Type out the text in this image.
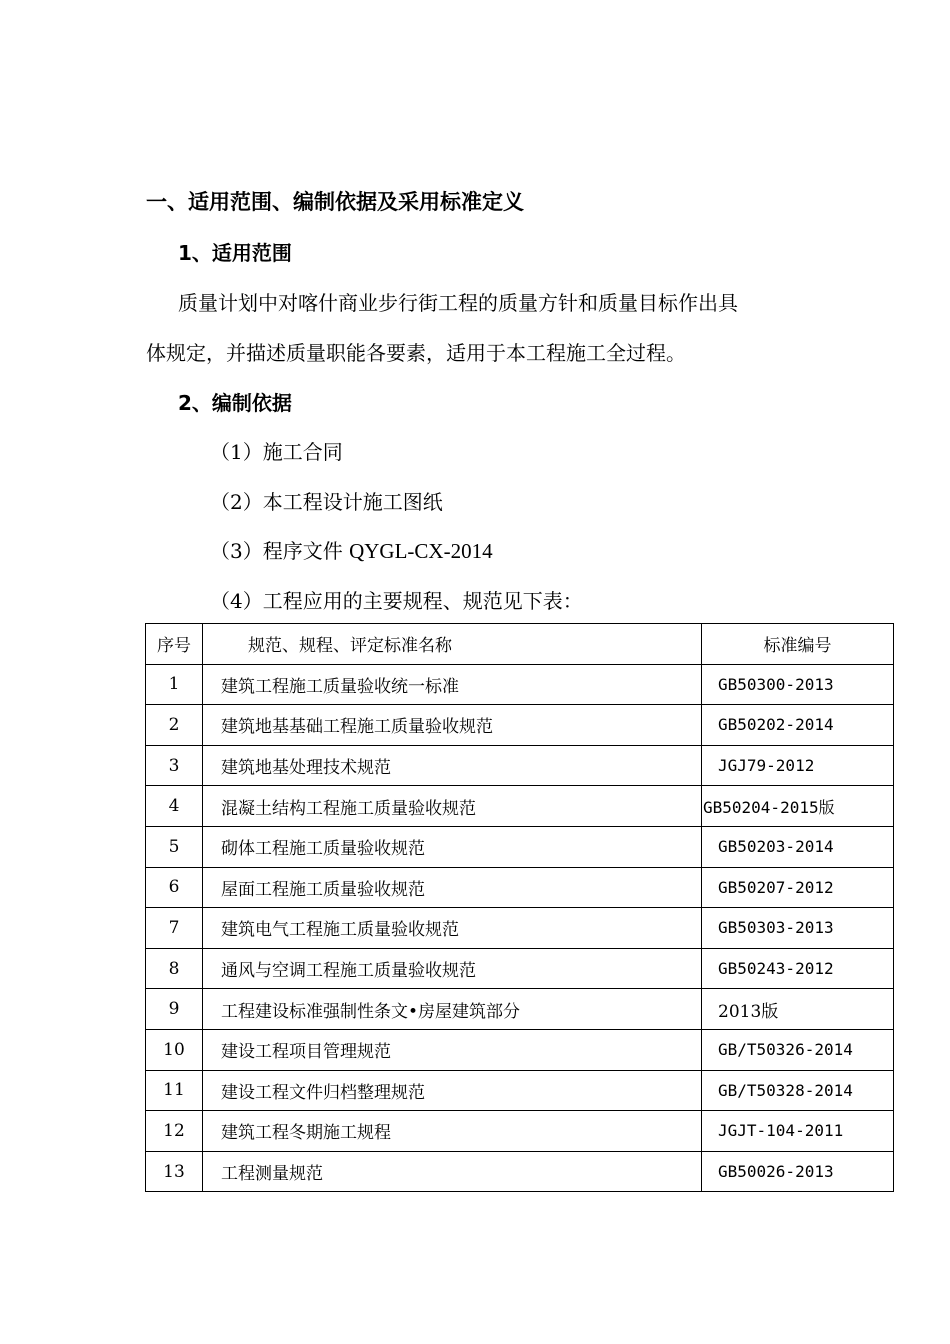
一、适用范围、编制依据及采用标准定义
1、适用范围
质量计划中对喀什商业步行街工程的质量方针和质量目标作出具
体规定，并描述质量职能各要素，适用于本工程施工全过程。
2、编制依据
（1）施工合同
（2）本工程设计施工图纸
（3）程序文件 QYGL-CX-2014
（4）工程应用的主要规程、规范见下表：
序号	规范、规程、评定标准名称	标准编号
1	建筑工程施工质量验收统一标准	GB50300-2013
2	建筑地基基础工程施工质量验收规范	GB50202-2014
3	建筑地基处理技术规范	JGJ79-2012
4	混凝土结构工程施工质量验收规范	GB50204-2015版
5	砌体工程施工质量验收规范	GB50203-2014
6	屋面工程施工质量验收规范	GB50207-2012
7	建筑电气工程施工质量验收规范	GB50303-2013
8	通风与空调工程施工质量验收规范	GB50243-2012
9	工程建设标准强制性条文•房屋建筑部分	2013版
10	建设工程项目管理规范	GB/T50326-2014
11	建设工程文件归档整理规范	GB/T50328-2014
12	建筑工程冬期施工规程	JGJT-104-2011
13	工程测量规范	GB50026-2013
